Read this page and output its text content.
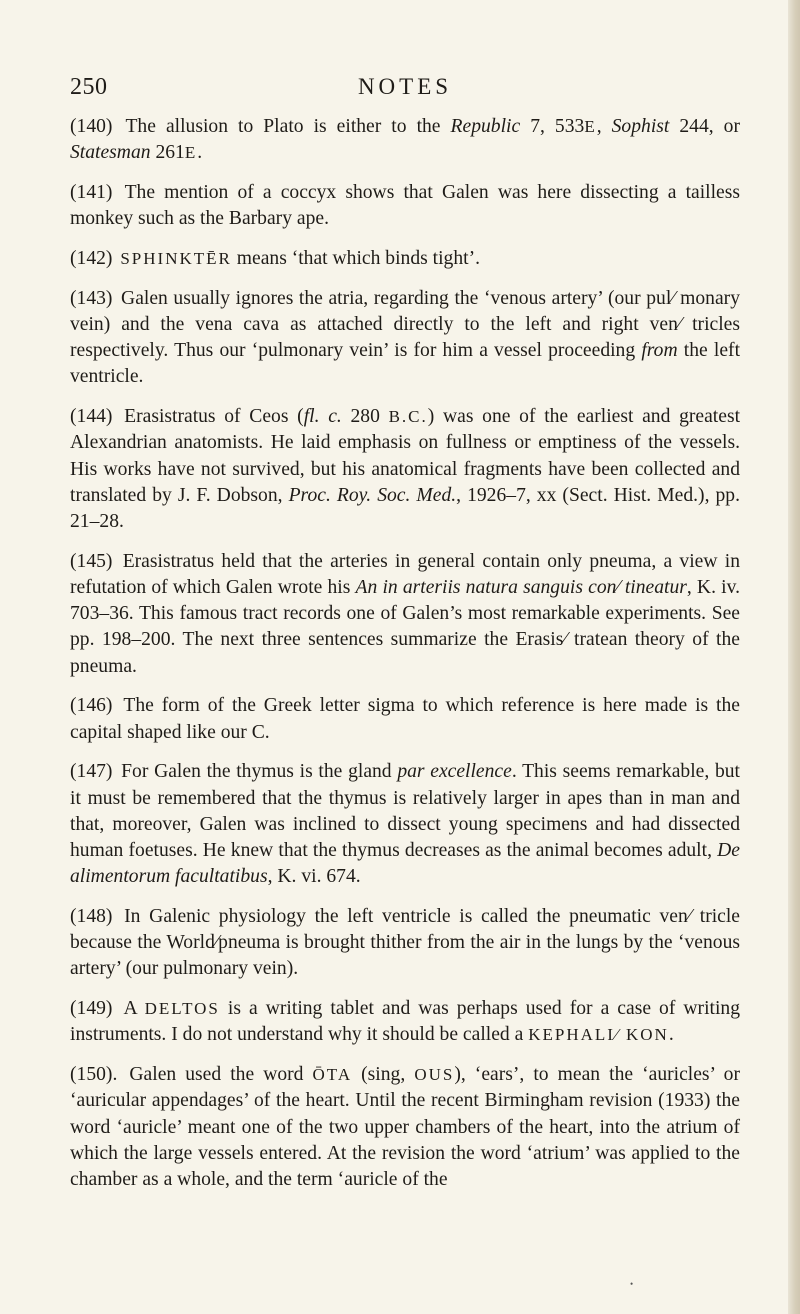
250	NOTES

(140) The allusion to Plato is either to the Republic 7, 533E, Sophist 244, or Statesman 261E.

(141) The mention of a coccyx shows that Galen was here dissecting a tailless monkey such as the Barbary ape.

(142) SPHINKTĒR means ‘that which binds tight’.

(143) Galen usually ignores the atria, regarding the ‘venous artery’ (our pul⁄ monary vein) and the vena cava as attached directly to the left and right ven⁄ tricles respectively. Thus our ‘pulmonary vein’ is for him a vessel proceeding from the left ventricle.

(144) Erasistratus of Ceos (fl. c. 280 B.C.) was one of the earliest and greatest Alexandrian anatomists. He laid emphasis on fullness or emptiness of the vessels. His works have not survived, but his anatomical fragments have been collected and translated by J. F. Dobson, Proc. Roy. Soc. Med., 1926–7, xx (Sect. Hist. Med.), pp. 21–28.

(145) Erasistratus held that the arteries in general contain only pneuma, a view in refutation of which Galen wrote his An in arteriis natura sanguis con⁄ tineatur, K. iv. 703–36. This famous tract records one of Galen’s most remarkable experiments. See pp. 198–200. The next three sentences summarize the Erasis⁄ tratean theory of the pneuma.

(146) The form of the Greek letter sigma to which reference is here made is the capital shaped like our C.

(147) For Galen the thymus is the gland par excellence. This seems remarkable, but it must be remembered that the thymus is relatively larger in apes than in man and that, moreover, Galen was inclined to dissect young specimens and had dissected human foetuses. He knew that the thymus decreases as the animal becomes adult, De alimentorum facultatibus, K. vi. 674.

(148) In Galenic physiology the left ventricle is called the pneumatic ven⁄ tricle because the World⁄pneuma is brought thither from the air in the lungs by the ‘venous artery’ (our pulmonary vein).

(149) A DELTOS is a writing tablet and was perhaps used for a case of writing instruments. I do not understand why it should be called a KEPHALI⁄ KON.

(150). Galen used the word ŌTA (sing, OUS), ‘ears’, to mean the ‘auricles’ or ‘auricular appendages’ of the heart. Until the recent Birmingham revision (1933) the word ‘auricle’ meant one of the two upper chambers of the heart, into the atrium of which the large vessels entered. At the revision the word ‘atrium’ was applied to the chamber as a whole, and the term ‘auricle of the

•
